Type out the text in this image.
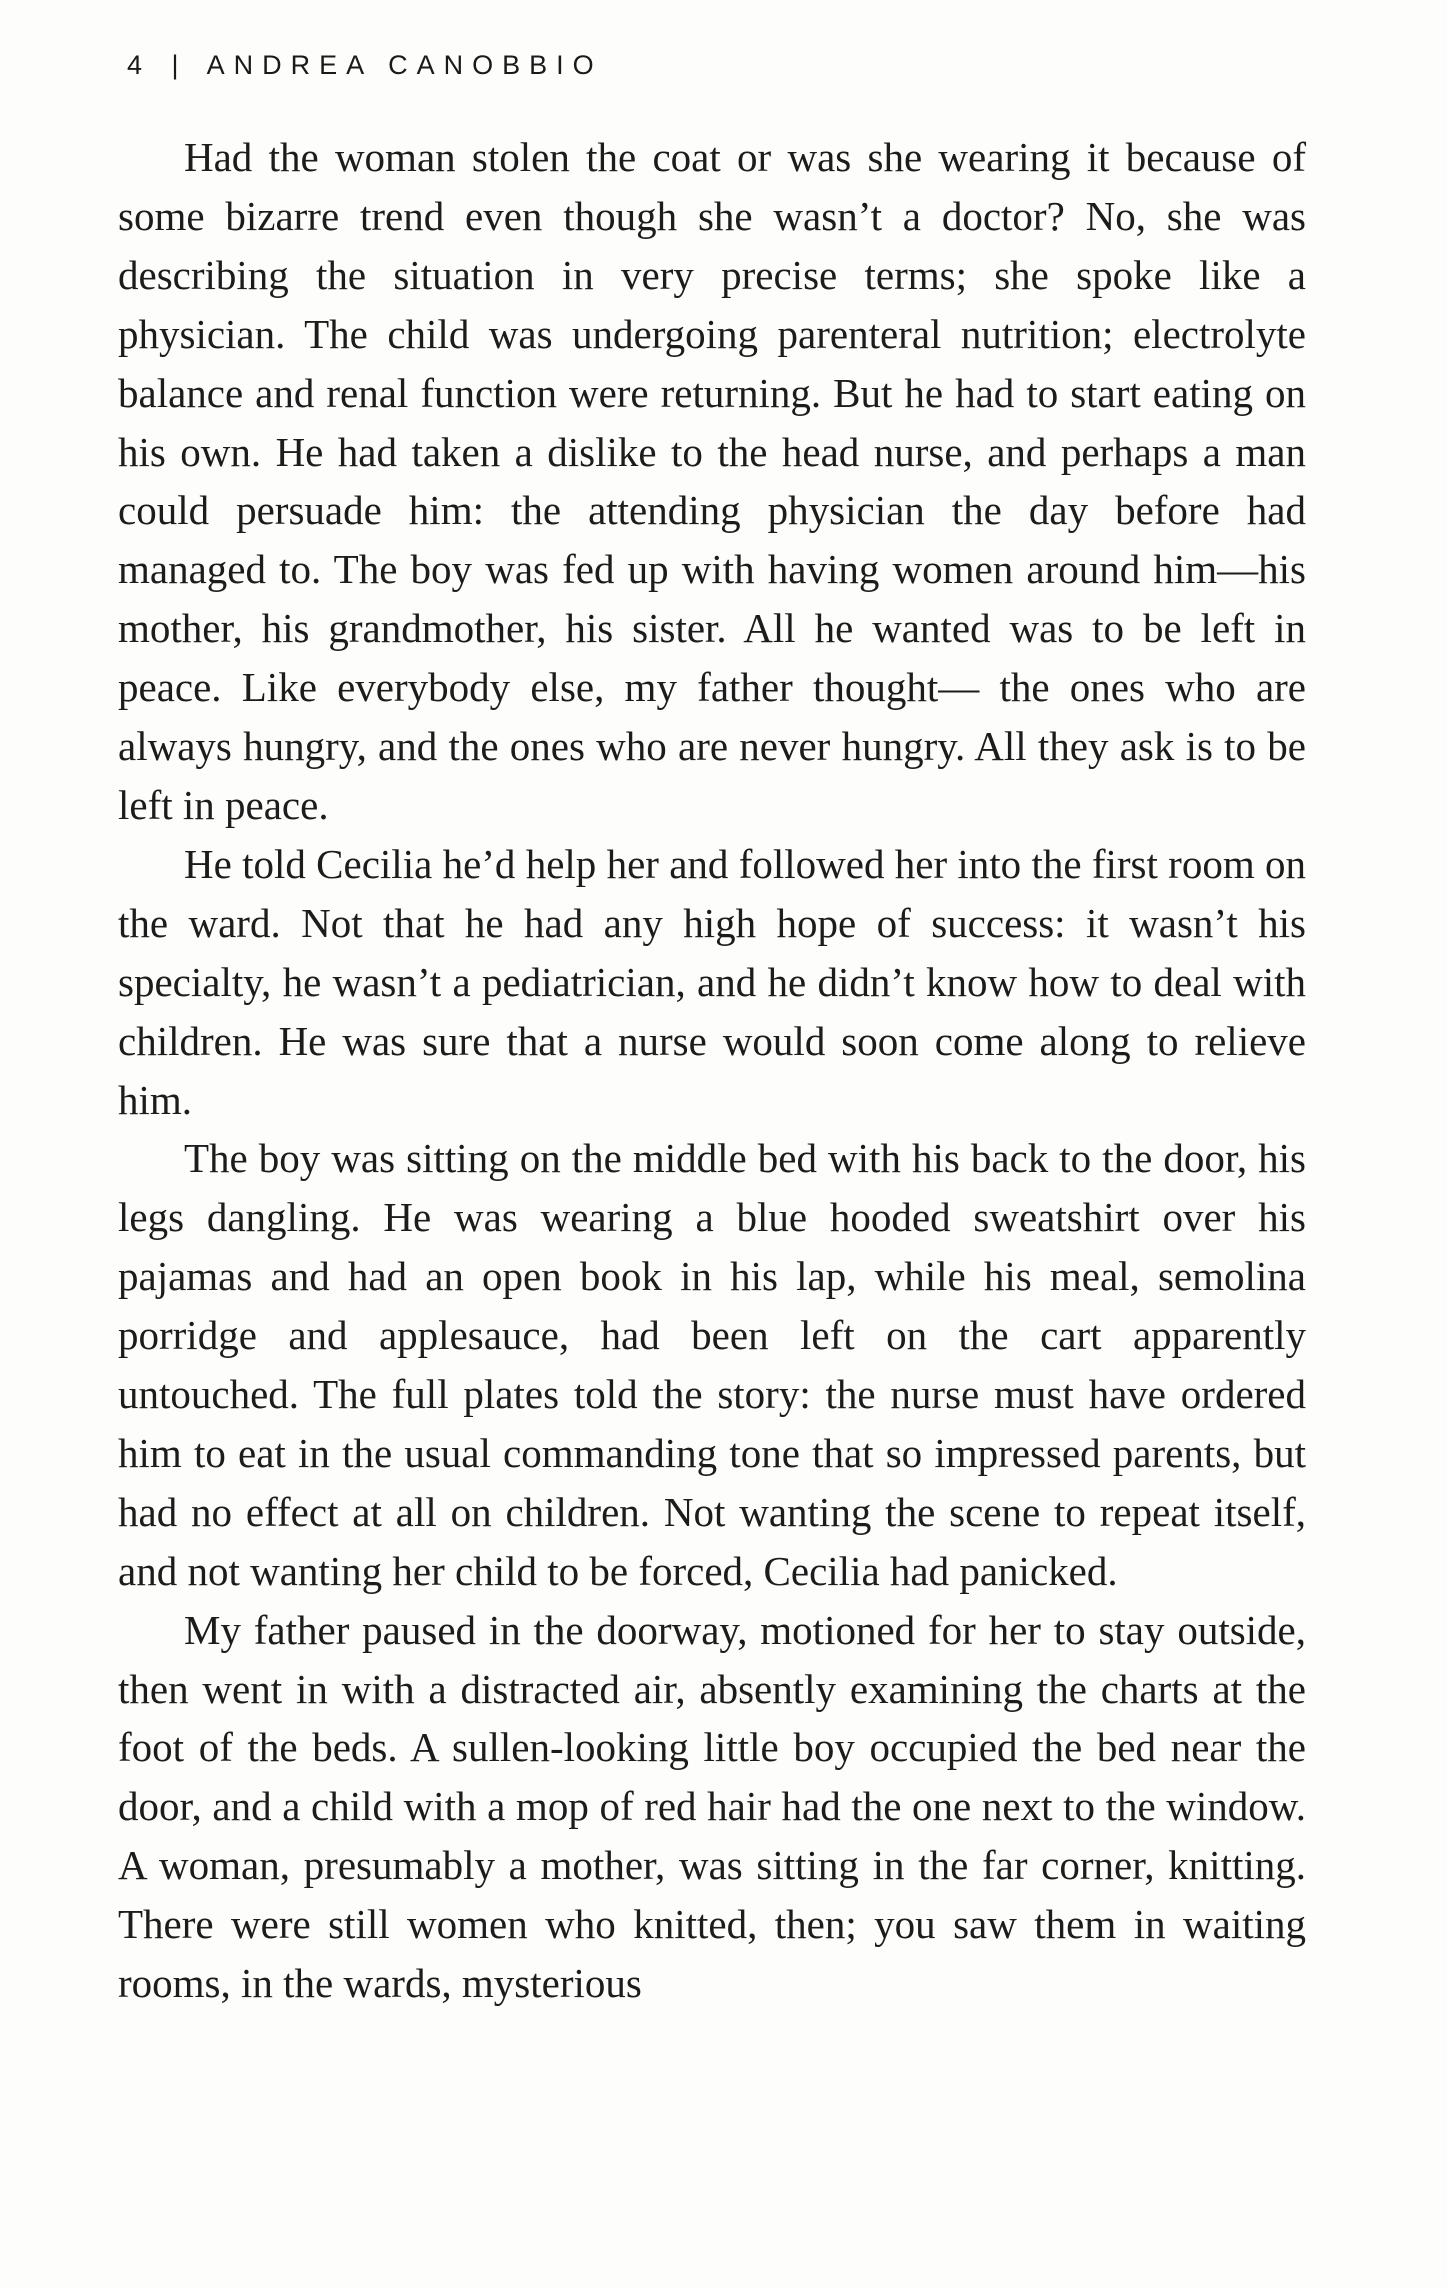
4 | ANDREA CANOBBIO

Had the woman stolen the coat or was she wearing it because of some bizarre trend even though she wasn’t a doctor? No, she was describing the situation in very precise terms; she spoke like a physician. The child was undergoing parenteral nutrition; electrolyte balance and renal function were returning. But he had to start eating on his own. He had taken a dislike to the head nurse, and perhaps a man could persuade him: the attending physician the day before had managed to. The boy was fed up with having women around him—his mother, his grandmother, his sister. All he wanted was to be left in peace. Like everybody else, my father thought— the ones who are always hungry, and the ones who are never hungry. All they ask is to be left in peace.

He told Cecilia he’d help her and followed her into the first room on the ward. Not that he had any high hope of success: it wasn’t his specialty, he wasn’t a pediatrician, and he didn’t know how to deal with children. He was sure that a nurse would soon come along to relieve him.

The boy was sitting on the middle bed with his back to the door, his legs dangling. He was wearing a blue hooded sweatshirt over his pajamas and had an open book in his lap, while his meal, semolina porridge and applesauce, had been left on the cart apparently untouched. The full plates told the story: the nurse must have ordered him to eat in the usual commanding tone that so impressed parents, but had no effect at all on children. Not wanting the scene to repeat itself, and not wanting her child to be forced, Cecilia had panicked.

My father paused in the doorway, motioned for her to stay outside, then went in with a distracted air, absently examining the charts at the foot of the beds. A sullen-looking little boy occupied the bed near the door, and a child with a mop of red hair had the one next to the window. A woman, presumably a mother, was sitting in the far corner, knitting. There were still women who knitted, then; you saw them in waiting rooms, in the wards, mysterious
